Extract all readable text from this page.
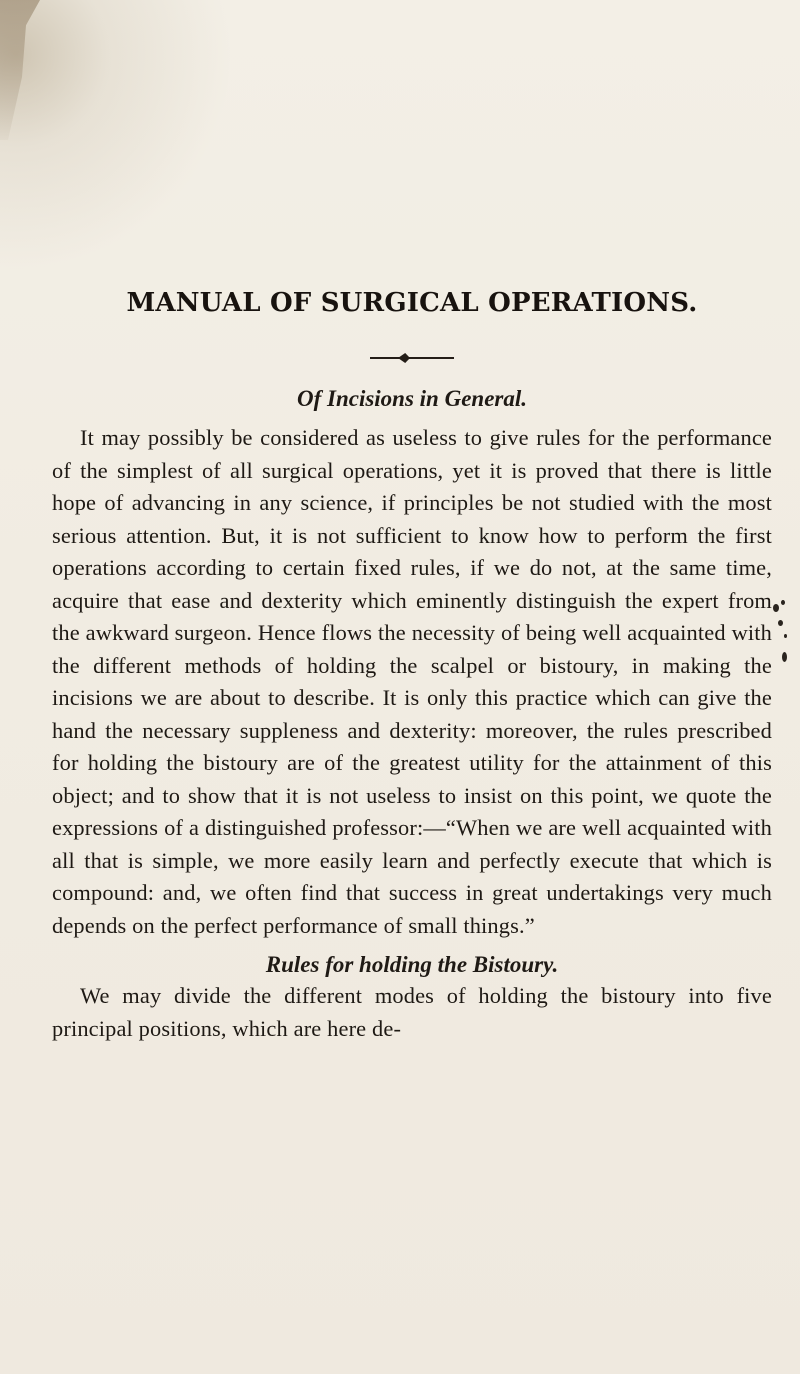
MANUAL OF SURGICAL OPERATIONS.
Of Incisions in General.

It may possibly be considered as useless to give rules for the performance of the simplest of all surgical operations, yet it is proved that there is little hope of advancing in any science, if principles be not studied with the most serious attention. But, it is not sufficient to know how to perform the first operations according to certain fixed rules, if we do not, at the same time, acquire that ease and dexterity which eminently distinguish the expert from the awkward surgeon. Hence flows the necessity of being well acquainted with the different methods of holding the scalpel or bistoury, in making the incisions we are about to describe. It is only this practice which can give the hand the necessary suppleness and dexterity: moreover, the rules prescribed for holding the bistoury are of the greatest utility for the attainment of this object; and to show that it is not useless to insist on this point, we quote the expressions of a distinguished professor:—“When we are well acquainted with all that is simple, we more easily learn and perfectly execute that which is compound: and, we often find that success in great undertakings very much depends on the perfect performance of small things.”

Rules for holding the Bistoury.

We may divide the different modes of holding the bistoury into five principal positions, which are here de-
